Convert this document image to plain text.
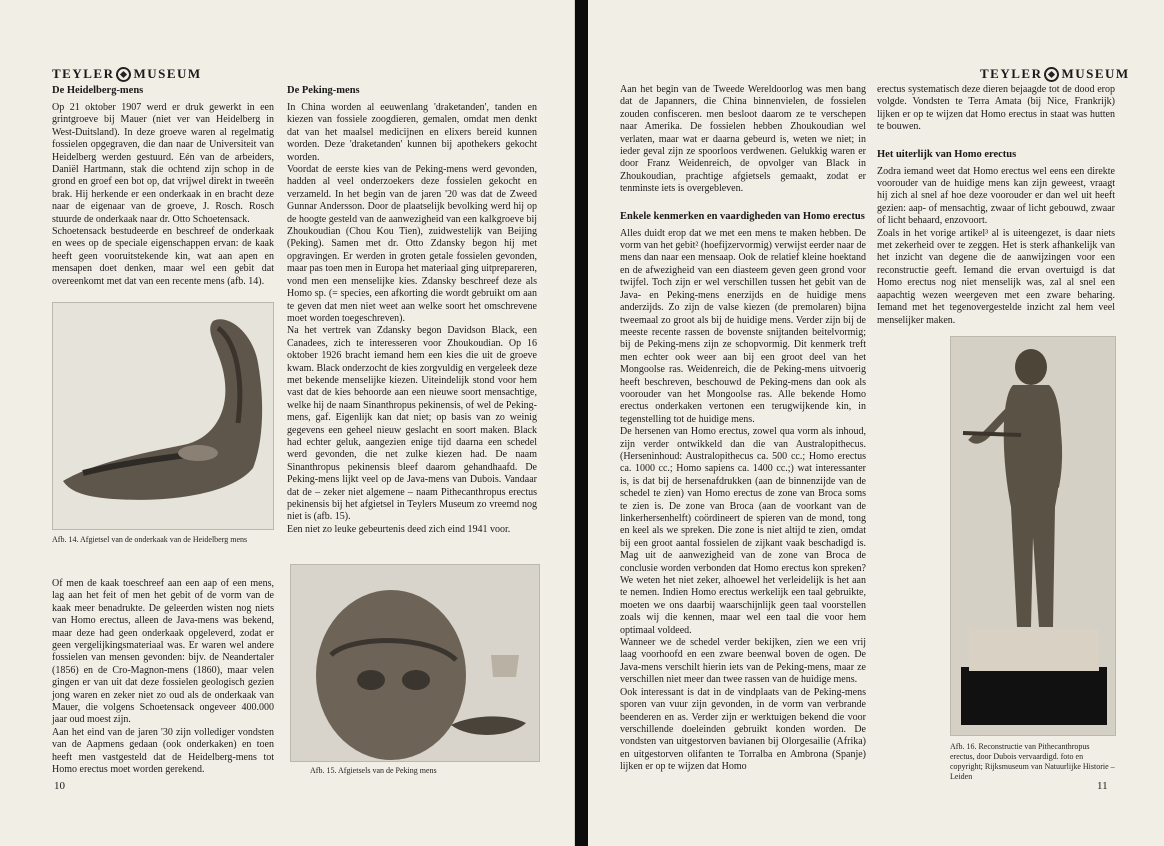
TEYLER MUSEUM
De Heidelberg-mens

Op 21 oktober 1907 werd er druk gewerkt in een grintgroeve bij Mauer (niet ver van Heidelberg in West-Duitsland). In deze groeve waren al regelmatig fossielen opgegraven, die dan naar de Universiteit van Heidelberg werden gestuurd. Eén van de arbeiders, Daniël Hartmann, stak die ochtend zijn schop in de grond en groef een bot op, dat vrijwel direkt in tweeën brak. Hij herkende er een onderkaak in en bracht deze naar de eigenaar van de groeve, J. Rosch. Rosch stuurde de onderkaak naar dr. Otto Schoetensack.

Schoetensack bestudeerde en beschreef de onderkaak en wees op de speciale eigenschappen ervan: de kaak heeft geen vooruitstekende kin, wat aan apen en mensapen doet denken, maar wel een gebit dat overeenkomt met dat van een recente mens (afb. 14).

Afb. 14. Afgietsel van de onderkaak van de Heidelberg mens

Of men de kaak toeschreef aan een aap of een mens, lag aan het feit of men het gebit of de vorm van de kaak meer benadrukte. De geleerden wisten nog niets van Homo erectus, alleen de Java-mens was bekend, maar deze had geen onderkaak opgeleverd, zodat er geen vergelijkingsmateriaal was. Er waren wel andere fossielen van mensen gevonden: bijv. de Neandertaler (1856) en de Cro-Magnon-mens (1860), maar velen gingen er van uit dat deze fossielen geologisch gezien jong waren en zeker niet zo oud als de onderkaak van Mauer, die volgens Schoetensack ongeveer 400.000 jaar oud moest zijn.

Aan het eind van de jaren '30 zijn vollediger vondsten van de Aapmens gedaan (ook onderkaken) en toen heeft men vastgesteld dat de Heidelberg-mens tot Homo erectus moet worden gerekend.

De Peking-mens

In China worden al eeuwenlang 'draketanden', tanden en kiezen van fossiele zoogdieren, gemalen, omdat men denkt dat van het maalsel medicijnen en elixers bereid kunnen worden. Deze 'draketanden' kunnen bij apothekers gekocht worden.

Voordat de eerste kies van de Peking-mens werd gevonden, hadden al veel onderzoekers deze fossielen gekocht en verzameld. In het begin van de jaren '20 was dat de Zweed Gunnar Andersson. Door de plaatselijk bevolking werd hij op de hoogte gesteld van de aanwezigheid van een kalkgroeve bij Zhoukoudian (Chou Kou Tien), zuidwestelijk van Beijing (Peking). Samen met dr. Otto Zdansky begon hij met opgravingen. Er werden in groten getale fossielen gevonden, maar pas toen men in Europa het materiaal ging uitprepareren, vond men een menselijke kies. Zdansky beschreef deze als Homo sp. (= species, een afkorting die wordt gebruikt om aan te geven dat men niet weet aan welke soort het omschrevene moet worden toegeschreven).

Na het vertrek van Zdansky begon Davidson Black, een Canadees, zich te interesseren voor Zhoukoudian. Op 16 oktober 1926 bracht iemand hem een kies die uit de groeve kwam. Black onderzocht de kies zorgvuldig en vergeleek deze met bekende menselijke kiezen. Uiteindelijk stond voor hem vast dat de kies behoorde aan een nieuwe soort mensachtige, welke hij de naam Sinanthropus pekinensis, of wel de Peking-mens, gaf. Eigenlijk kan dat niet; op basis van zo weinig gegevens een geheel nieuw geslacht en soort maken. Black had echter geluk, aangezien enige tijd daarna een schedel werd gevonden, die net zulke kiezen had. De naam Sinanthropus pekinensis bleef daarom gehandhaafd. De Peking-mens lijkt veel op de Java-mens van Dubois. Vandaar dat de – zeker niet algemene – naam Pithecanthropus erectus pekinensis bij het afgietsel in Teylers Museum zo vreemd nog niet is (afb. 15).

Een niet zo leuke gebeurtenis deed zich eind 1941 voor.

Afb. 15. Afgietsels van de Peking mens
10
TEYLER MUSEUM

Aan het begin van de Tweede Wereldoorlog was men bang dat de Japanners, die China binnenvielen, de fossielen zouden confisceren. men besloot daarom ze te verschepen naar Amerika. De fossielen hebben Zhoukoudian wel verlaten, maar wat er daarna gebeurd is, weten we niet; in ieder geval zijn ze spoorloos verdwenen. Gelukkig waren er door Franz Weidenreich, de opvolger van Black in Zhoukoudian, prachtige afgietsels gemaakt, zodat er tenminste iets is overgebleven.

Enkele kenmerken en vaardigheden van Homo erectus

Alles duidt erop dat we met een mens te maken hebben. De vorm van het gebit² (hoefijzervormig) verwijst eerder naar de mens dan naar een mensaap. Ook de relatief kleine hoektand en de afwezigheid van een diasteem geven geen grond voor twijfel. Toch zijn er wel verschillen tussen het gebit van de Java- en Peking-mens enerzijds en de huidige mens anderzijds. Zo zijn de valse kiezen (de premolaren) bijna tweemaal zo groot als bij de huidige mens. Verder zijn bij de meeste recente rassen de bovenste snijtanden beitelvormig; bij de Peking-mens zijn ze schopvormig. Dit kenmerk treft men echter ook weer aan bij een groot deel van het Mongoolse ras. Weidenreich, die de Peking-mens uitvoerig heeft beschreven, beschouwd de Peking-mens dan ook als voorouder van het Mongoolse ras. Alle bekende Homo erectus onderkaken vertonen een terugwijkende kin, in tegenstelling tot de huidige mens.

De hersenen van Homo erectus, zowel qua vorm als inhoud, zijn verder ontwikkeld dan die van Australopithecus. (Herseninhoud: Australopithecus ca. 500 cc.; Homo erectus ca. 1000 cc.; Homo sapiens ca. 1400 cc.;) wat interessanter is, is dat bij de hersenafdrukken (aan de binnenzijde van de schedel te zien) van Homo erectus de zone van Broca soms te zien is. De zone van Broca (aan de voorkant van de linkerhersenhelft) coördineert de spieren van de mond, tong en keel als we spreken. Die zone is niet altijd te zien, omdat bij een groot aantal fossielen de zijkant vaak beschadigd is. Mag uit de aanwezigheid van de zone van Broca de conclusie worden verbonden dat Homo erectus kon spreken? We weten het niet zeker, alhoewel het verleidelijk is het aan te nemen. Indien Homo erectus werkelijk een taal gebruikte, moeten we ons daarbij waarschijnlijk geen taal voorstellen zoals wij die kennen, maar wel een taal die voor hem optimaal voldeed.

Wanneer we de schedel verder bekijken, zien we een vrij laag voorhoofd en een zware beenwal boven de ogen. De Java-mens verschilt hierin iets van de Peking-mens, maar ze verschillen niet meer dan twee rassen van de huidige mens.

Ook interessant is dat in de vindplaats van de Peking-mens sporen van vuur zijn gevonden, in de vorm van verbrande beenderen en as. Verder zijn er werktuigen bekend die voor verschillende doeleinden gebruikt konden worden. De vondsten van uitgestorven bavianen bij Olorgesailie (Afrika) en uitgestorven olifanten te Torralba en Ambrona (Spanje) lijken er op te wijzen dat Homo

erectus systematisch deze dieren bejaagde tot de dood erop volgde. Vondsten te Terra Amata (bij Nice, Frankrijk) lijken er op te wijzen dat Homo erectus in staat was hutten te bouwen.

Het uiterlijk van Homo erectus

Zodra iemand weet dat Homo erectus wel eens een direkte voorouder van de huidige mens kan zijn geweest, vraagt hij zich al snel af hoe deze voorouder er dan wel uit heeft gezien: aap- of mensachtig, zwaar of licht gebouwd, zwaar of licht behaard, enzovoort.

Zoals in het vorige artikel³ al is uiteengezet, is daar niets met zekerheid over te zeggen. Het is sterk afhankelijk van het inzicht van degene die de aanwijzingen voor een reconstructie geeft. Iemand die ervan overtuigd is dat Homo erectus nog niet menselijk was, zal al snel een aapachtig wezen weergeven met een zware beharing. Iemand met het tegenovergestelde inzicht zal hem veel menselijker maken.

Afb. 16. Reconstructie van Pithecanthropus erectus, door Dubois vervaardigd. foto en copyright; Rijksmuseum van Natuurlijke Historie – Leiden
11
